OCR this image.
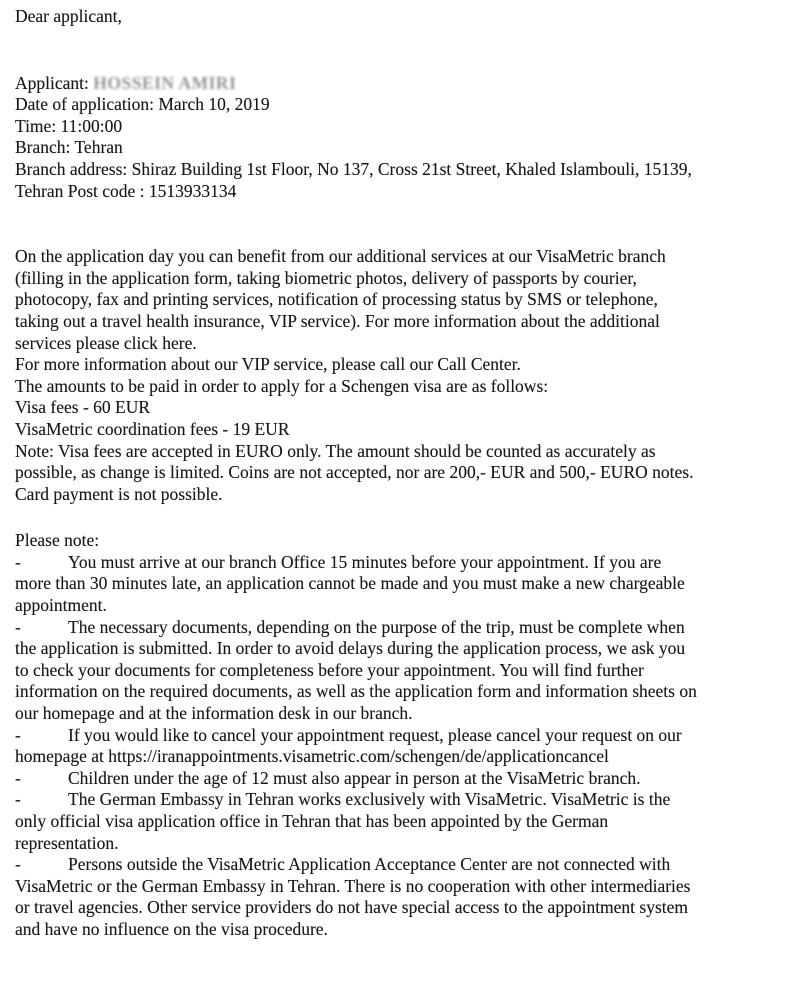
Dear applicant,
Applicant: HOSSEIN AMIRI
Date of application: March 10, 2019
Time: 11:00:00
Branch: Tehran
Branch address: Shiraz Building 1st Floor, No 137, Cross 21st Street, Khaled Islambouli, 15139,
Tehran Post code : 1513933134
On the application day you can benefit from our additional services at our VisaMetric branch
(filling in the application form, taking biometric photos, delivery of passports by courier,
photocopy, fax and printing services, notification of processing status by SMS or telephone,
taking out a travel health insurance, VIP service). For more information about the additional
services please click here.
For more information about our VIP service, please call our Call Center.
The amounts to be paid in order to apply for a Schengen visa are as follows:
Visa fees - 60 EUR
VisaMetric coordination fees - 19 EUR
Note: Visa fees are accepted in EURO only. The amount should be counted as accurately as
possible, as change is limited. Coins are not accepted, nor are 200,- EUR and 500,- EURO notes.
Card payment is not possible.
Please note:
-	You must arrive at our branch Office 15 minutes before your appointment. If you are
more than 30 minutes late, an application cannot be made and you must make a new chargeable
appointment.
-	The necessary documents, depending on the purpose of the trip, must be complete when
the application is submitted. In order to avoid delays during the application process, we ask you
to check your documents for completeness before your appointment. You will find further
information on the required documents, as well as the application form and information sheets on
our homepage and at the information desk in our branch.
-	If you would like to cancel your appointment request, please cancel your request on our
homepage at https://iranappointments.visametric.com/schengen/de/applicationcancel
-	Children under the age of 12 must also appear in person at the VisaMetric branch.
-	The German Embassy in Tehran works exclusively with VisaMetric. VisaMetric is the
only official visa application office in Tehran that has been appointed by the German
representation.
-	Persons outside the VisaMetric Application Acceptance Center are not connected with
VisaMetric or the German Embassy in Tehran. There is no cooperation with other intermediaries
or travel agencies. Other service providers do not have special access to the appointment system
and have no influence on the visa procedure.
